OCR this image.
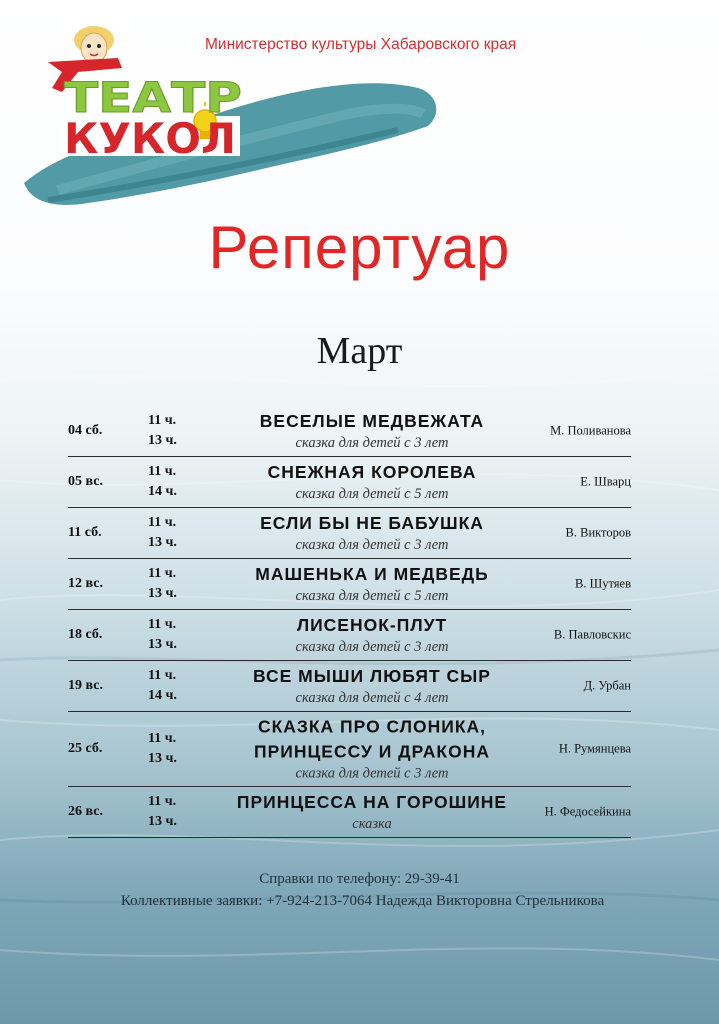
ТЕАТР
КУКОЛ
Министерство культуры Хабаровского края
Репертуар
Март
04 сб.
11 ч.
13 ч.
ВЕСЕЛЫЕ МЕДВЕЖАТА
сказка для детей с 3 лет
М. Поливанова
05 вс.
11 ч.
14 ч.
СНЕЖНАЯ КОРОЛЕВА
сказка для детей с 5 лет
Е. Шварц
11 сб.
11 ч.
13 ч.
ЕСЛИ БЫ НЕ БАБУШКА
сказка для детей с 3 лет
В. Викторов
12 вс.
11 ч.
13 ч.
МАШЕНЬКА И МЕДВЕДЬ
сказка для детей с 5 лет
В. Шутяев
18 сб.
11 ч.
13 ч.
ЛИСЕНОК-ПЛУТ
сказка для детей с 3 лет
В. Павловскис
19 вс.
11 ч.
14 ч.
ВСЕ МЫШИ ЛЮБЯТ СЫР
сказка для детей с 4 лет
Д. Урбан
25 сб.
11 ч.
13 ч.
СКАЗКА ПРО СЛОНИКА,
ПРИНЦЕССУ И ДРАКОНА
сказка для детей с 3 лет
Н. Румянцева
26 вс.
11 ч.
13 ч.
ПРИНЦЕССА НА ГОРОШИНЕ
сказка
Н. Федосейкина
Справки по телефону: 29-39-41
Коллективные заявки: +7-924-213-7064 Надежда Викторовна Стрельникова
